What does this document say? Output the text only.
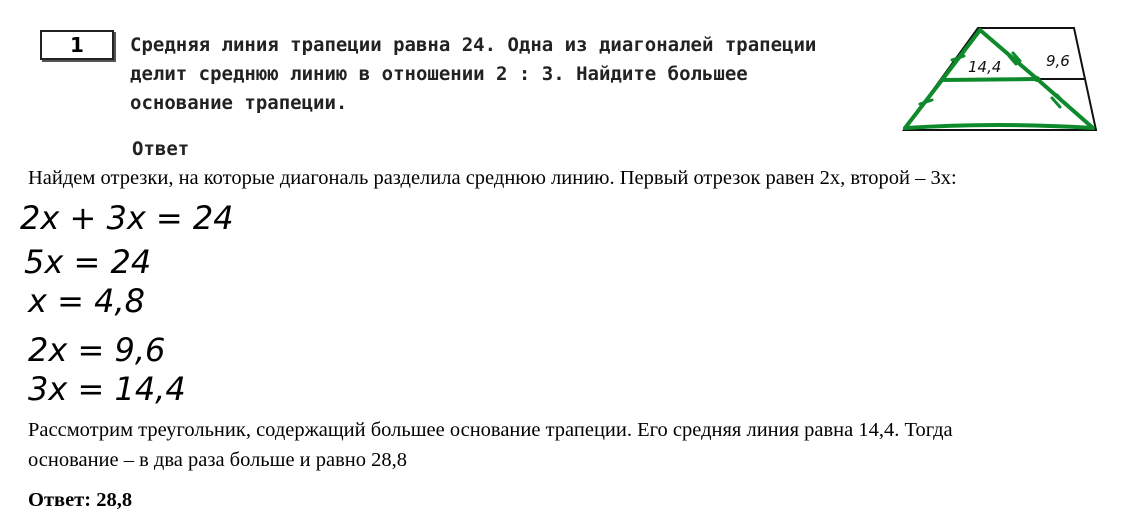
1 Средняя линия трапеции равна 24. Одна из диагоналей трапеции
делит среднюю линию в отношении 2 : 3. Найдите большее
основание трапеции.
Ответ
14,4	9,6
Найдем отрезки, на которые диагональ разделила среднюю линию. Первый отрезок равен 2х, второй – 3х:
2x + 3x = 24
5x = 24
x = 4,8
2x = 9,6
3x = 14,4
Рассмотрим треугольник, содержащий большее основание трапеции. Его средняя линия равна 14,4. Тогда
основание – в два раза больше и равно 28,8
Ответ: 28,8
